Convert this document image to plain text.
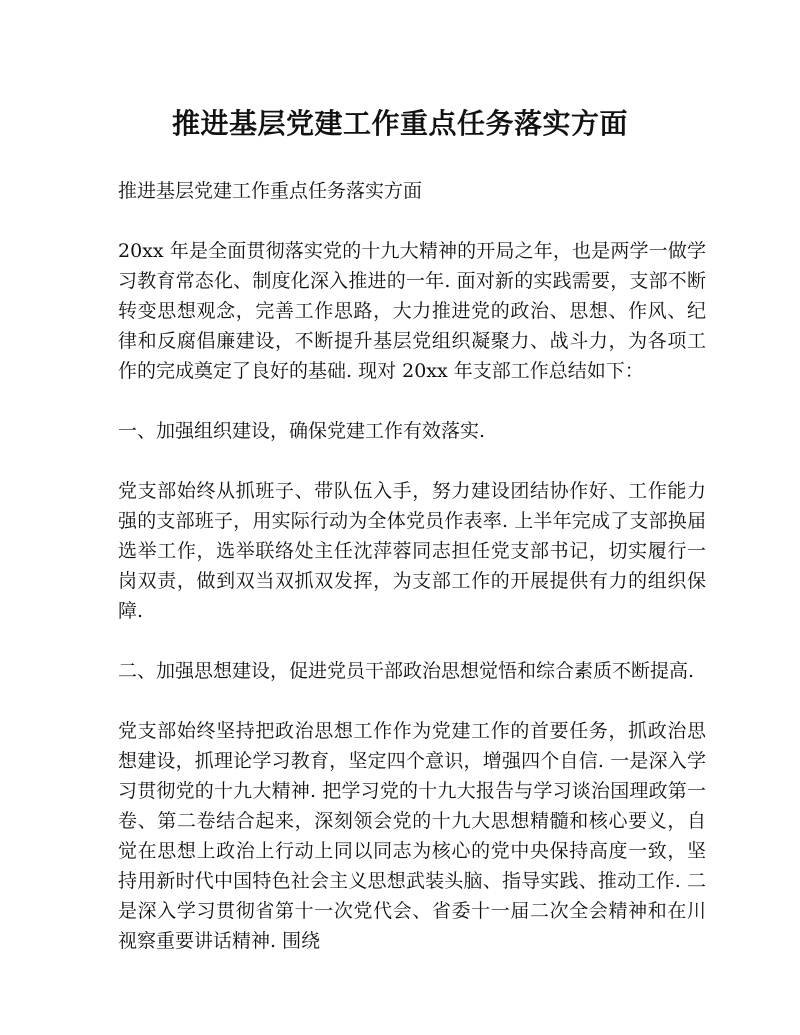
推进基层党建工作重点任务落实方面

推进基层党建工作重点任务落实方面

20xx 年是全面贯彻落实党的十九大精神的开局之年，也是两学一做学习教育常态化、制度化深入推进的一年. 面对新的实践需要，支部不断转变思想观念，完善工作思路，大力推进党的政治、思想、作风、纪律和反腐倡廉建设，不断提升基层党组织凝聚力、战斗力，为各项工作的完成奠定了良好的基础. 现对 20xx 年支部工作总结如下：

一、加强组织建设，确保党建工作有效落实.

党支部始终从抓班子、带队伍入手，努力建设团结协作好、工作能力强的支部班子，用实际行动为全体党员作表率. 上半年完成了支部换届选举工作，选举联络处主任沈萍蓉同志担任党支部书记，切实履行一岗双责，做到双当双抓双发挥，为支部工作的开展提供有力的组织保障.

二、加强思想建设，促进党员干部政治思想觉悟和综合素质不断提高.

党支部始终坚持把政治思想工作作为党建工作的首要任务，抓政治思想建设，抓理论学习教育，坚定四个意识，增强四个自信. 一是深入学习贯彻党的十九大精神. 把学习党的十九大报告与学习谈治国理政第一卷、第二卷结合起来，深刻领会党的十九大思想精髓和核心要义，自觉在思想上政治上行动上同以同志为核心的党中央保持高度一致，坚持用新时代中国特色社会主义思想武装头脑、指导实践、推动工作. 二是深入学习贯彻省第十一次党代会、省委十一届二次全会精神和在川视察重要讲话精神. 围绕
